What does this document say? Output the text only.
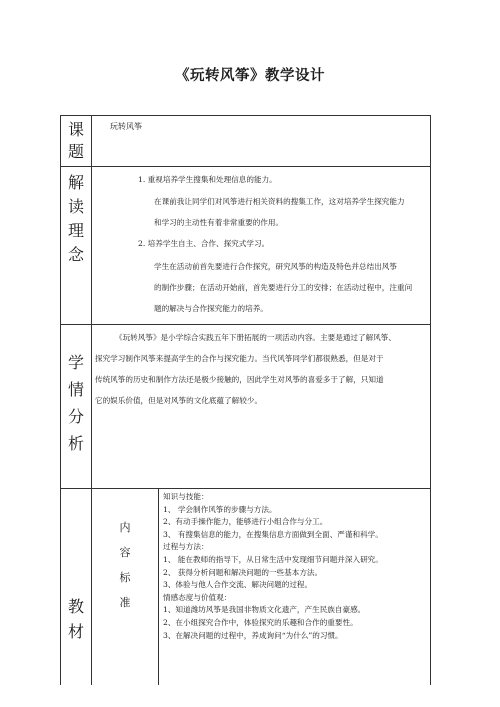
《玩转风筝》教学设计
课
题
玩转风筝
解
读
理
念
1. 重视培养学生搜集和处理信息的能力。
在课前我让同学们对风筝进行相关资料的搜集工作，这对培养学生探究能力
和学习的主动性有着非常重要的作用。
2. 培养学生自主、合作、探究式学习。
学生在活动前首先要进行合作探究，研究风筝的构造及特色并总结出风筝
的制作步骤；在活动开始前，首先要进行分工的安排；在活动过程中，注重问
题的解决与合作探究能力的培养。
学
情
分
析
《玩转风筝》是小学综合实践五年下册拓展的一项活动内容。主要是通过了解风筝、
探究学习制作风筝来提高学生的合作与探究能力。当代风筝同学们都很熟悉，但是对于
传统风筝的历史和制作方法还是极少接触的，因此学生对风筝的喜爱多于了解，只知道
它的娱乐价值，但是对风筝的文化底蕴了解较少。
教
材
内
容
标
准
知识与技能：
1、 学会制作风筝的步骤与方法。
2、有动手操作能力，能够进行小组合作与分工。
3、 有搜集信息的能力，在搜集信息方面做到全面、严谨和科学。
过程与方法：
1、 能在教师的指导下，从日常生活中发现细节问题并深入研究。
2、 获得分析问题和解决问题的一些基本方法。
3、体验与他人合作交流、解决问题的过程。
情感态度与价值观：
1、知道潍坊风筝是我国非物质文化遗产，产生民族自豪感。
2、在小组探究合作中，体验探究的乐趣和合作的重要性。
3、在解决问题的过程中，养成询问“为什么”的习惯。
